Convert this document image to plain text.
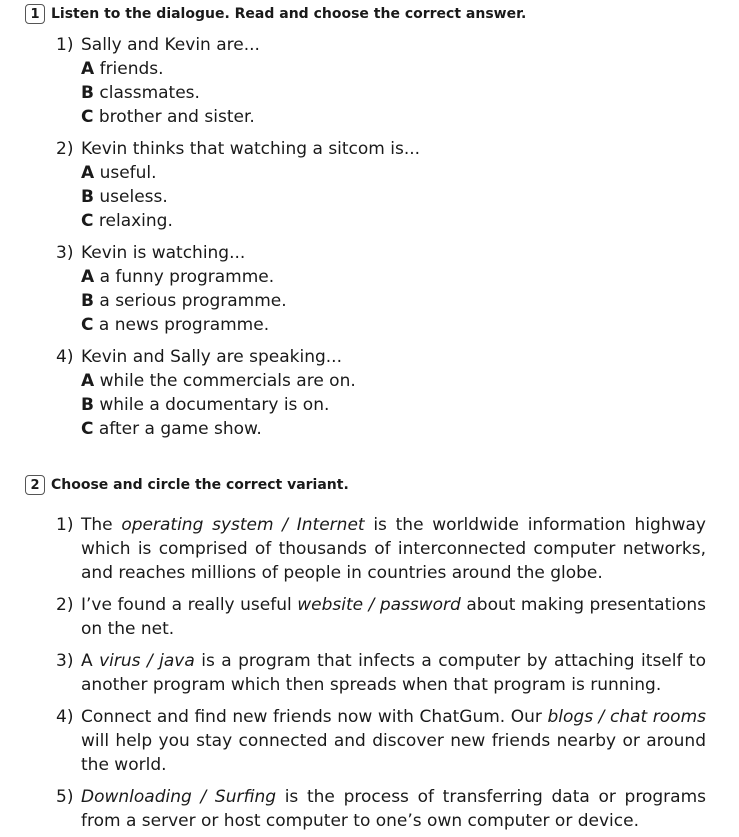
1 Listen to the dialogue. Read and choose the correct answer.
1) Sally and Kevin are...
A friends.
B classmates.
C brother and sister.
2) Kevin thinks that watching a sitcom is...
A useful.
B useless.
C relaxing.
3) Kevin is watching...
A a funny programme.
B a serious programme.
C a news programme.
4) Kevin and Sally are speaking...
A while the commercials are on.
B while a documentary is on.
C after a game show.
2 Choose and circle the correct variant.
1) The operating system / Internet is the worldwide information highway which is comprised of thousands of interconnected computer networks, and reaches millions of people in countries around the globe.
2) I’ve found a really useful website / password about making presentations on the net.
3) A virus / java is a program that infects a computer by attaching itself to another program which then spreads when that program is running.
4) Connect and find new friends now with ChatGum. Our blogs / chat rooms will help you stay connected and discover new friends nearby or around the world.
5) Downloading / Surfing is the process of transferring data or programs from a server or host computer to one’s own computer or device.
